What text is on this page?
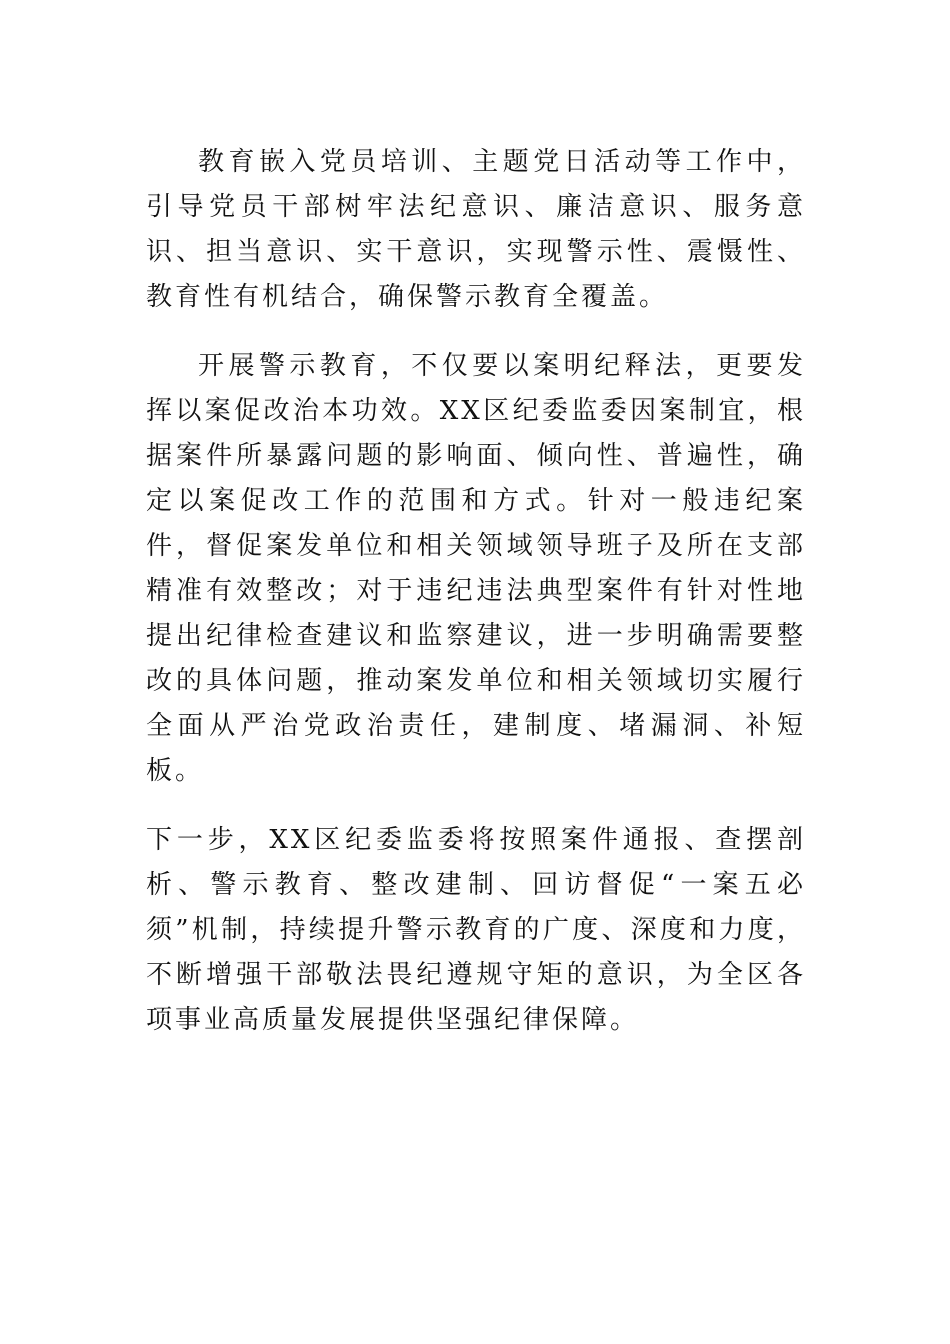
教育嵌入党员培训、主题党日活动等工作中，引导党员干部树牢法纪意识、廉洁意识、服务意识、担当意识、实干意识，实现警示性、震慑性、教育性有机结合，确保警示教育全覆盖。

开展警示教育，不仅要以案明纪释法，更要发挥以案促改治本功效。XX区纪委监委因案制宜，根据案件所暴露问题的影响面、倾向性、普遍性，确定以案促改工作的范围和方式。针对一般违纪案件，督促案发单位和相关领域领导班子及所在支部精准有效整改；对于违纪违法典型案件有针对性地提出纪律检查建议和监察建议，进一步明确需要整改的具体问题，推动案发单位和相关领域切实履行全面从严治党政治责任，建制度、堵漏洞、补短板。

下一步，XX区纪委监委将按照案件通报、查摆剖析、警示教育、整改建制、回访督促“一案五必须”机制，持续提升警示教育的广度、深度和力度，不断增强干部敬法畏纪遵规守矩的意识，为全区各项事业高质量发展提供坚强纪律保障。
